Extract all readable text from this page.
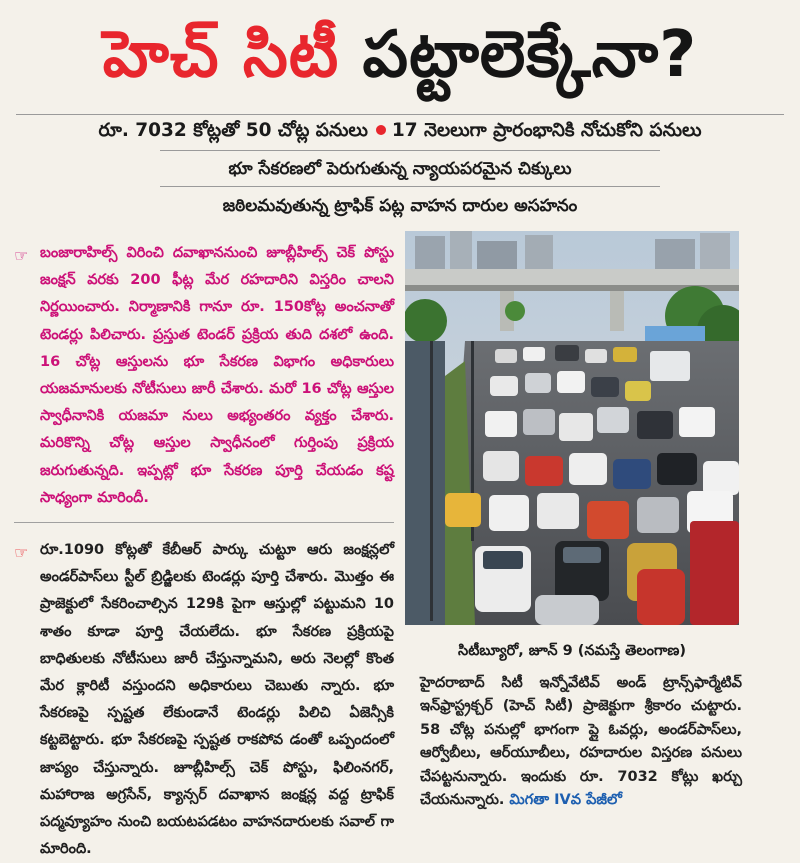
హెచ్ సిటీ పట్టాలెక్కేనా?
రూ. 7032 కోట్లతో 50 చోట్ల పనులు 17 నెలలుగా ప్రారంభానికి నోచుకోని పనులు
భూ సేకరణలో పెరుగుతున్న న్యాయపరమైన చిక్కులు
జఠిలమవుతున్న ట్రాఫిక్ పట్ల వాహన దారుల అసహనం

☞ బంజారాహిల్స్ విరించి దవాఖాననుంచి జూబ్లీహిల్స్ చెక్ పోస్టు జంక్షన్ వరకు 200 ఫీట్ల మేర రహదారిని విస్తరిం చాలని నిర్ణయించారు. నిర్మాణానికి గానూ రూ. 150కోట్ల అంచనాతో టెండర్లు పిలిచారు. ప్రస్తుత టెండర్ ప్రక్రియ తుది దశలో ఉంది. 16 చోట్ల ఆస్తులను భూ సేకరణ విభాగం అధికారులు యజమానులకు నోటీసులు జారీ చేశారు. మరో 16 చోట్ల ఆస్తుల స్వాధీనానికి యజమా నులు అభ్యంతరం వ్యక్తం చేశారు. మరికొన్ని చోట్ల ఆస్తుల స్వాధీనంలో గుర్తింపు ప్రక్రియ జరుగుతున్నది. ఇప్పట్లో భూ సేకరణ పూర్తి చేయడం కష్ట సాధ్యంగా మారిందీ.

☞ రూ.1090 కోట్లతో కేబీఆర్ పార్కు చుట్టూ ఆరు జంక్షన్లలో అండర్‌పాస్‌లు స్టీల్ బ్రిడ్జిలకు టెండర్లు పూర్తి చేశారు. మొత్తం ఈ ప్రాజెక్టులో సేకరించాల్సిన 129కి పైగా ఆస్తుల్లో పట్టుమని 10 శాతం కూడా పూర్తి చేయలేదు. భూ సేకరణ ప్రక్రియపై బాధితులకు నోటీసులు జారీ చేస్తున్నామని, అరు నెలల్లో కొంత మేర క్లారిటీ వస్తుందని అధికారులు చెబుతు న్నారు. భూ సేకరణపై స్పష్టత లేకుండానే టెండర్లు పిలిచి ఏజెన్సీకి కట్టబెట్టారు. భూ సేకరణపై స్పష్టత రాకపోవ డంతో ఒప్పందంలో జాప్యం చేస్తున్నారు. జూబ్లీహిల్స్ చెక్ పోస్టు, ఫిలింనగర్, మహారాజ అగ్రసేన్, క్యాన్సర్ దవాఖాన జంక్షన్ల వద్ద ట్రాఫిక్ పద్మవ్యూహం నుంచి బయటపడటం వాహనదారులకు సవాల్ గా మారింది.

సిటీబ్యూరో, జూన్ 9 (నమస్తే తెలంగాణ)
హైదరాబాద్ సిటీ ఇన్నోవేటివ్ అండ్ ట్రాన్స్‌ఫార్మేటివ్ ఇన్‌ఫ్రాస్ట్రక్చర్ (హెచ్ సిటీ) ప్రాజెక్టుగా శ్రీకారం చుట్టారు. 58 చోట్ల పనుల్లో భాగంగా ప్లై ఓవర్లు, అండర్‌పాస్‌లు, ఆర్వోబీలు, ఆర్‌యూబీలు, రహదారుల విస్తరణ పనులు చేపట్టనున్నారు. ఇందుకు రూ. 7032 కోట్లు ఖర్చు చేయనున్నారు. మిగతా IVవ పేజీలో
